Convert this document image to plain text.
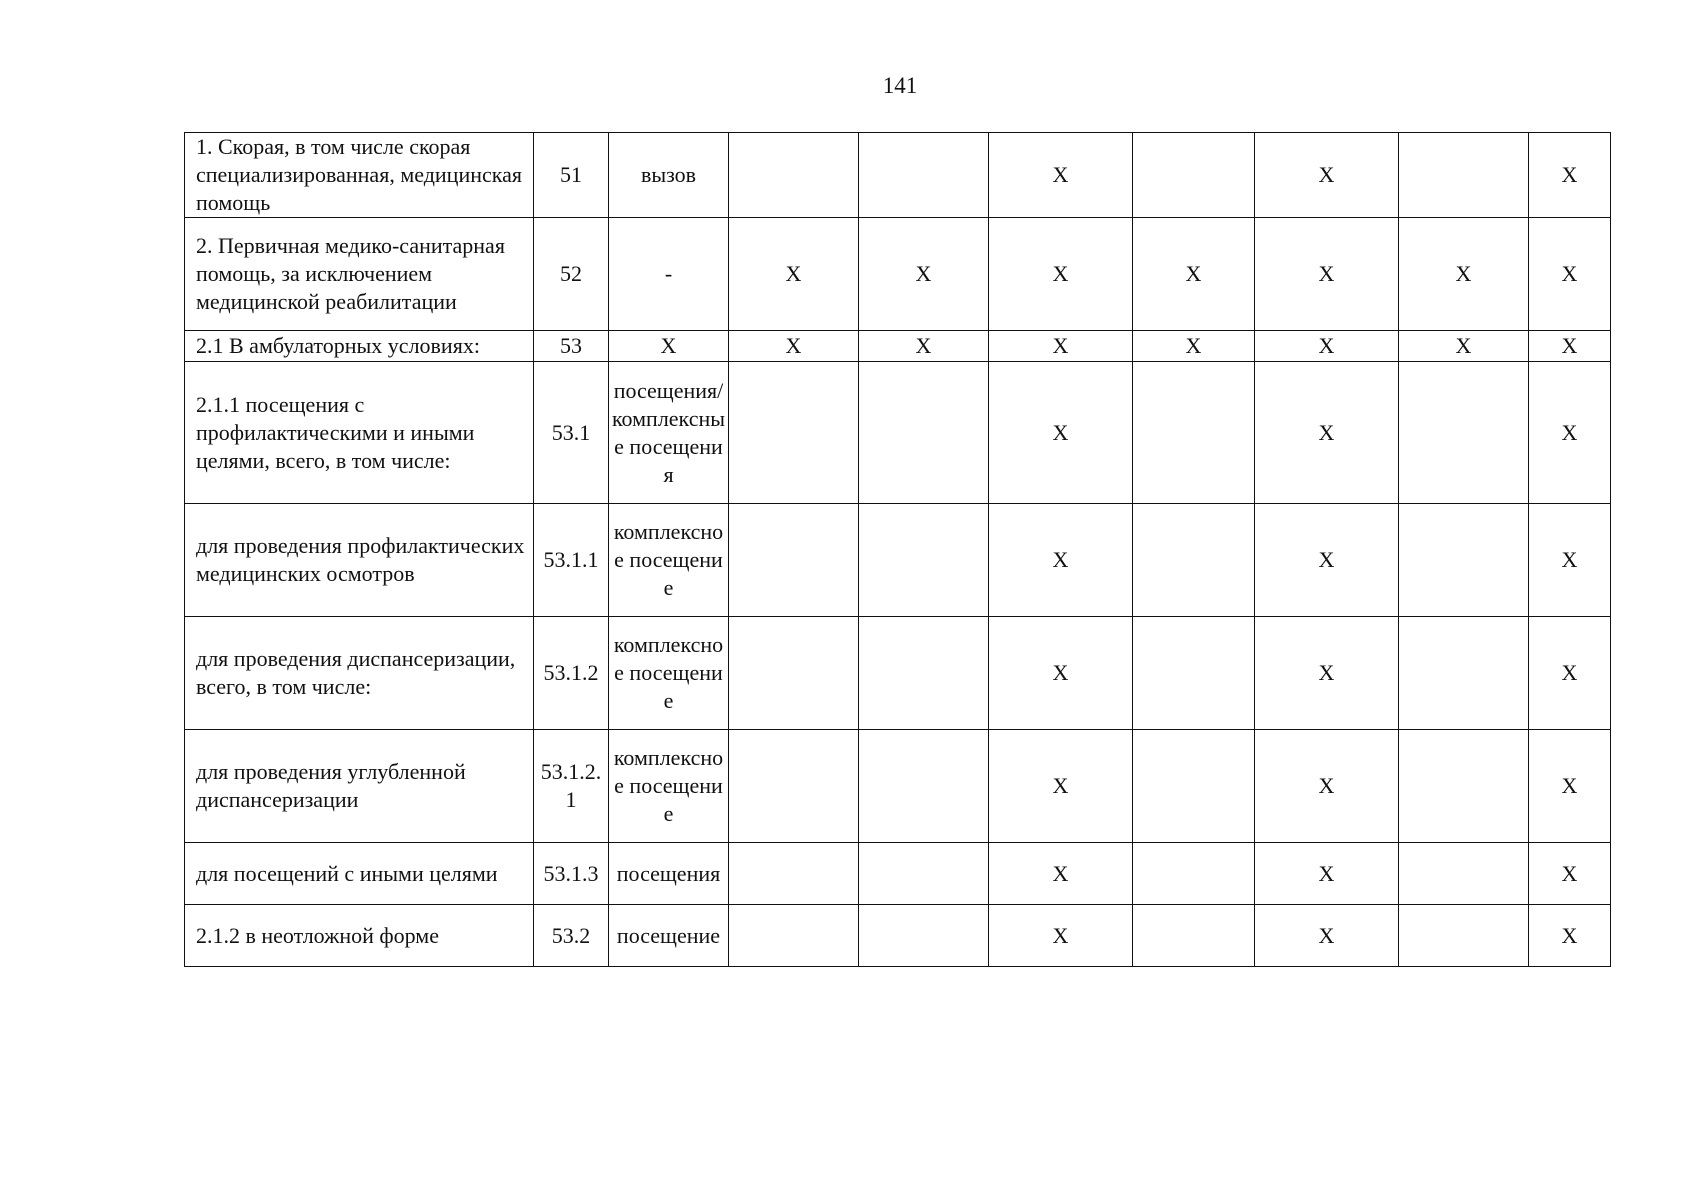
141
1. Скорая, в том числе скорая специализированная, медицинская помощь	51	вызов			X		X		X
2. Первичная медико-санитарная помощь, за исключением медицинской реабилитации	52	-	X	X	X	X	X	X	X
2.1 В амбулаторных условиях:	53	X	X	X	X	X	X	X	X
2.1.1 посещения с профилактическими и иными целями, всего, в том числе:	53.1	посещения/комплексные посещения			X		X		X
для проведения профилактических медицинских осмотров	53.1.1	комплексное посещение			X		X		X
для проведения диспансеризации, всего, в том числе:	53.1.2	комплексное посещение			X		X		X
для проведения углубленной диспансеризации	53.1.2.1	комплексное посещение			X		X		X
для посещений с иными целями	53.1.3	посещения			X		X		X
2.1.2 в неотложной форме	53.2	посещение			X		X		X
